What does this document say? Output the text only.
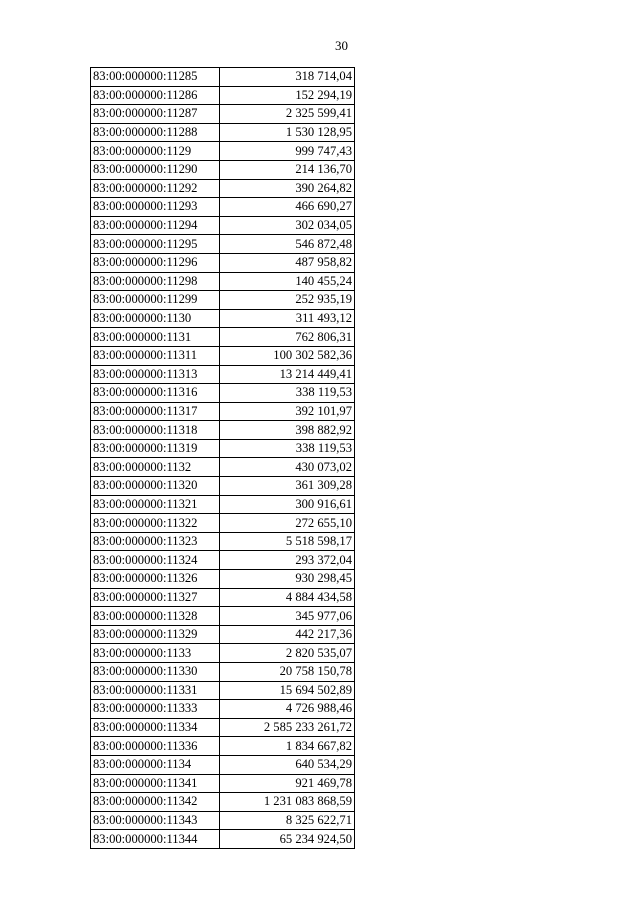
30
83:00:000000:11285	318 714,04
83:00:000000:11286	152 294,19
83:00:000000:11287	2 325 599,41
83:00:000000:11288	1 530 128,95
83:00:000000:1129	999 747,43
83:00:000000:11290	214 136,70
83:00:000000:11292	390 264,82
83:00:000000:11293	466 690,27
83:00:000000:11294	302 034,05
83:00:000000:11295	546 872,48
83:00:000000:11296	487 958,82
83:00:000000:11298	140 455,24
83:00:000000:11299	252 935,19
83:00:000000:1130	311 493,12
83:00:000000:1131	762 806,31
83:00:000000:11311	100 302 582,36
83:00:000000:11313	13 214 449,41
83:00:000000:11316	338 119,53
83:00:000000:11317	392 101,97
83:00:000000:11318	398 882,92
83:00:000000:11319	338 119,53
83:00:000000:1132	430 073,02
83:00:000000:11320	361 309,28
83:00:000000:11321	300 916,61
83:00:000000:11322	272 655,10
83:00:000000:11323	5 518 598,17
83:00:000000:11324	293 372,04
83:00:000000:11326	930 298,45
83:00:000000:11327	4 884 434,58
83:00:000000:11328	345 977,06
83:00:000000:11329	442 217,36
83:00:000000:1133	2 820 535,07
83:00:000000:11330	20 758 150,78
83:00:000000:11331	15 694 502,89
83:00:000000:11333	4 726 988,46
83:00:000000:11334	2 585 233 261,72
83:00:000000:11336	1 834 667,82
83:00:000000:1134	640 534,29
83:00:000000:11341	921 469,78
83:00:000000:11342	1 231 083 868,59
83:00:000000:11343	8 325 622,71
83:00:000000:11344	65 234 924,50
